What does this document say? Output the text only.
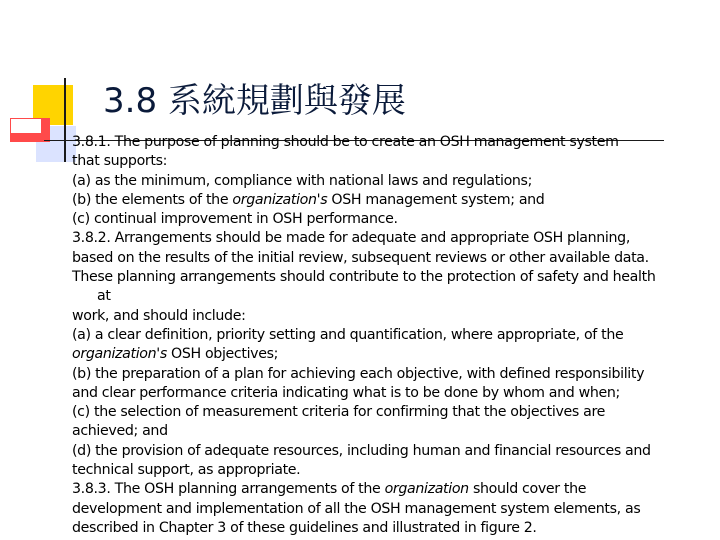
3.8 系統規劃與發展
3.8.1. The purpose of planning should be to create an OSH management system
that supports:
(a) as the minimum, compliance with national laws and regulations;
(b) the elements of the organization's OSH management system; and
(c) continual improvement in OSH performance.
3.8.2. Arrangements should be made for adequate and appropriate OSH planning,
based on the results of the initial review, subsequent reviews or other available data.
These planning arrangements should contribute to the protection of safety and health
at
work, and should include:
(a) a clear definition, priority setting and quantification, where appropriate, of the
organization's OSH objectives;
(b) the preparation of a plan for achieving each objective, with defined responsibility
and clear performance criteria indicating what is to be done by whom and when;
(c) the selection of measurement criteria for confirming that the objectives are
achieved; and
(d) the provision of adequate resources, including human and financial resources and
technical support, as appropriate.
3.8.3. The OSH planning arrangements of the organization should cover the
development and implementation of all the OSH management system elements, as
described in Chapter 3 of these guidelines and illustrated in figure 2.
